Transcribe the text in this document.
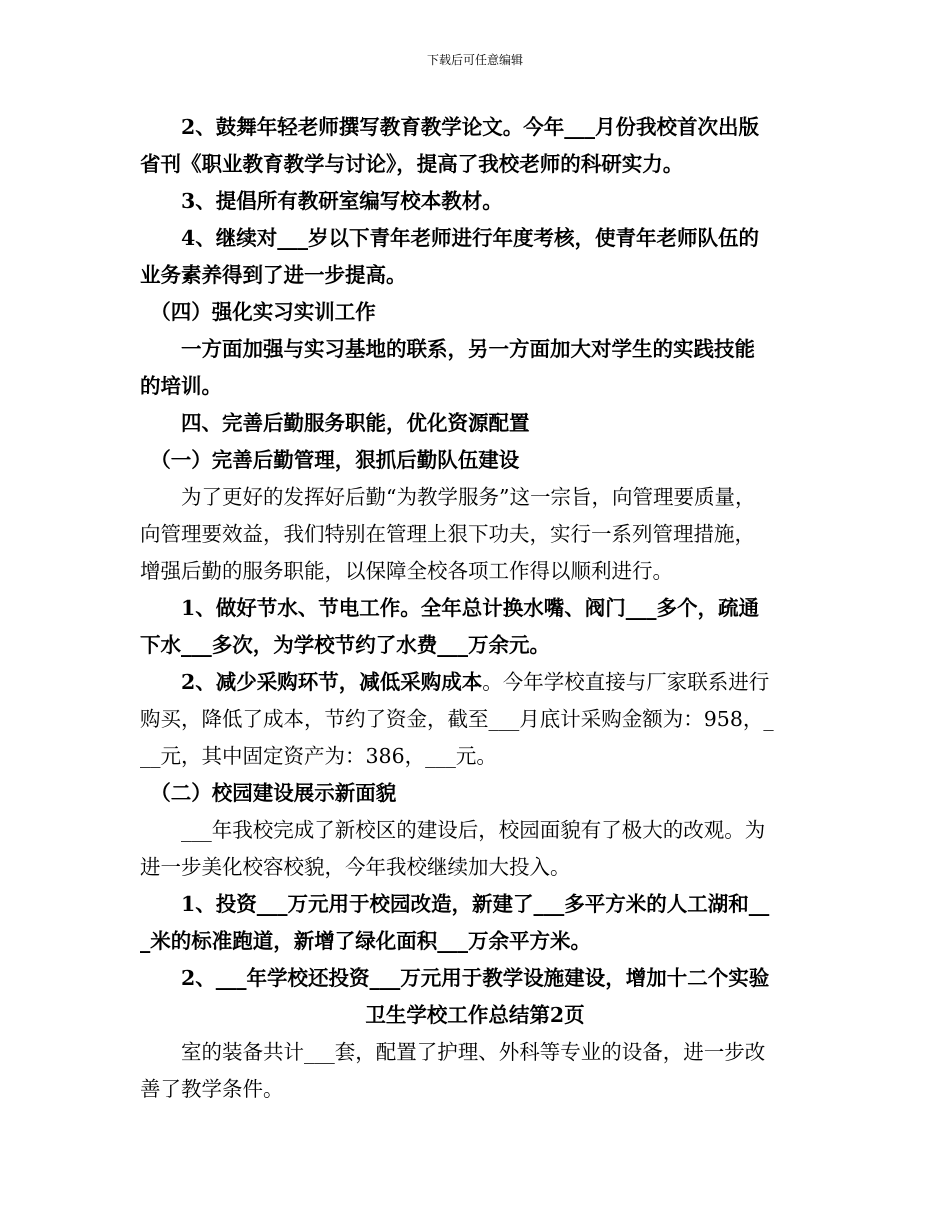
下载后可任意编辑
　　2、鼓舞年轻老师撰写教育教学论文。今年___月份我校首次出版
省刊《职业教育教学与讨论》，提高了我校老师的科研实力。
　　3、提倡所有教研室编写校本教材。
　　4、继续对___岁以下青年老师进行年度考核，使青年老师队伍的
业务素养得到了进一步提高。
　（四）强化实习实训工作
　　一方面加强与实习基地的联系，另一方面加大对学生的实践技能
的培训。
　　四、完善后勤服务职能，优化资源配置
　（一）完善后勤管理，狠抓后勤队伍建设
　　为了更好的发挥好后勤“为教学服务”这一宗旨，向管理要质量，
向管理要效益，我们特别在管理上狠下功夫，实行一系列管理措施，
增强后勤的服务职能，以保障全校各项工作得以顺利进行。
　　1、做好节水、节电工作。全年总计换水嘴、阀门___多个，疏通
下水___多次，为学校节约了水费___万余元。
　　2、减少采购环节，减低采购成本。今年学校直接与厂家联系进行
购买，降低了成本，节约了资金，截至___月底计采购金额为：958，_
__元，其中固定资产为：386，___元。
　（二）校园建设展示新面貌
　　___年我校完成了新校区的建设后，校园面貌有了极大的改观。为
进一步美化校容校貌，今年我校继续加大投入。
　　1、投资___万元用于校园改造，新建了___多平方米的人工湖和__
_米的标准跑道，新增了绿化面积___万余平方米。
　　2、___年学校还投资___万元用于教学设施建设，增加十二个实验
卫生学校工作总结第2页
　　室的装备共计___套，配置了护理、外科等专业的设备，进一步改
善了教学条件。
